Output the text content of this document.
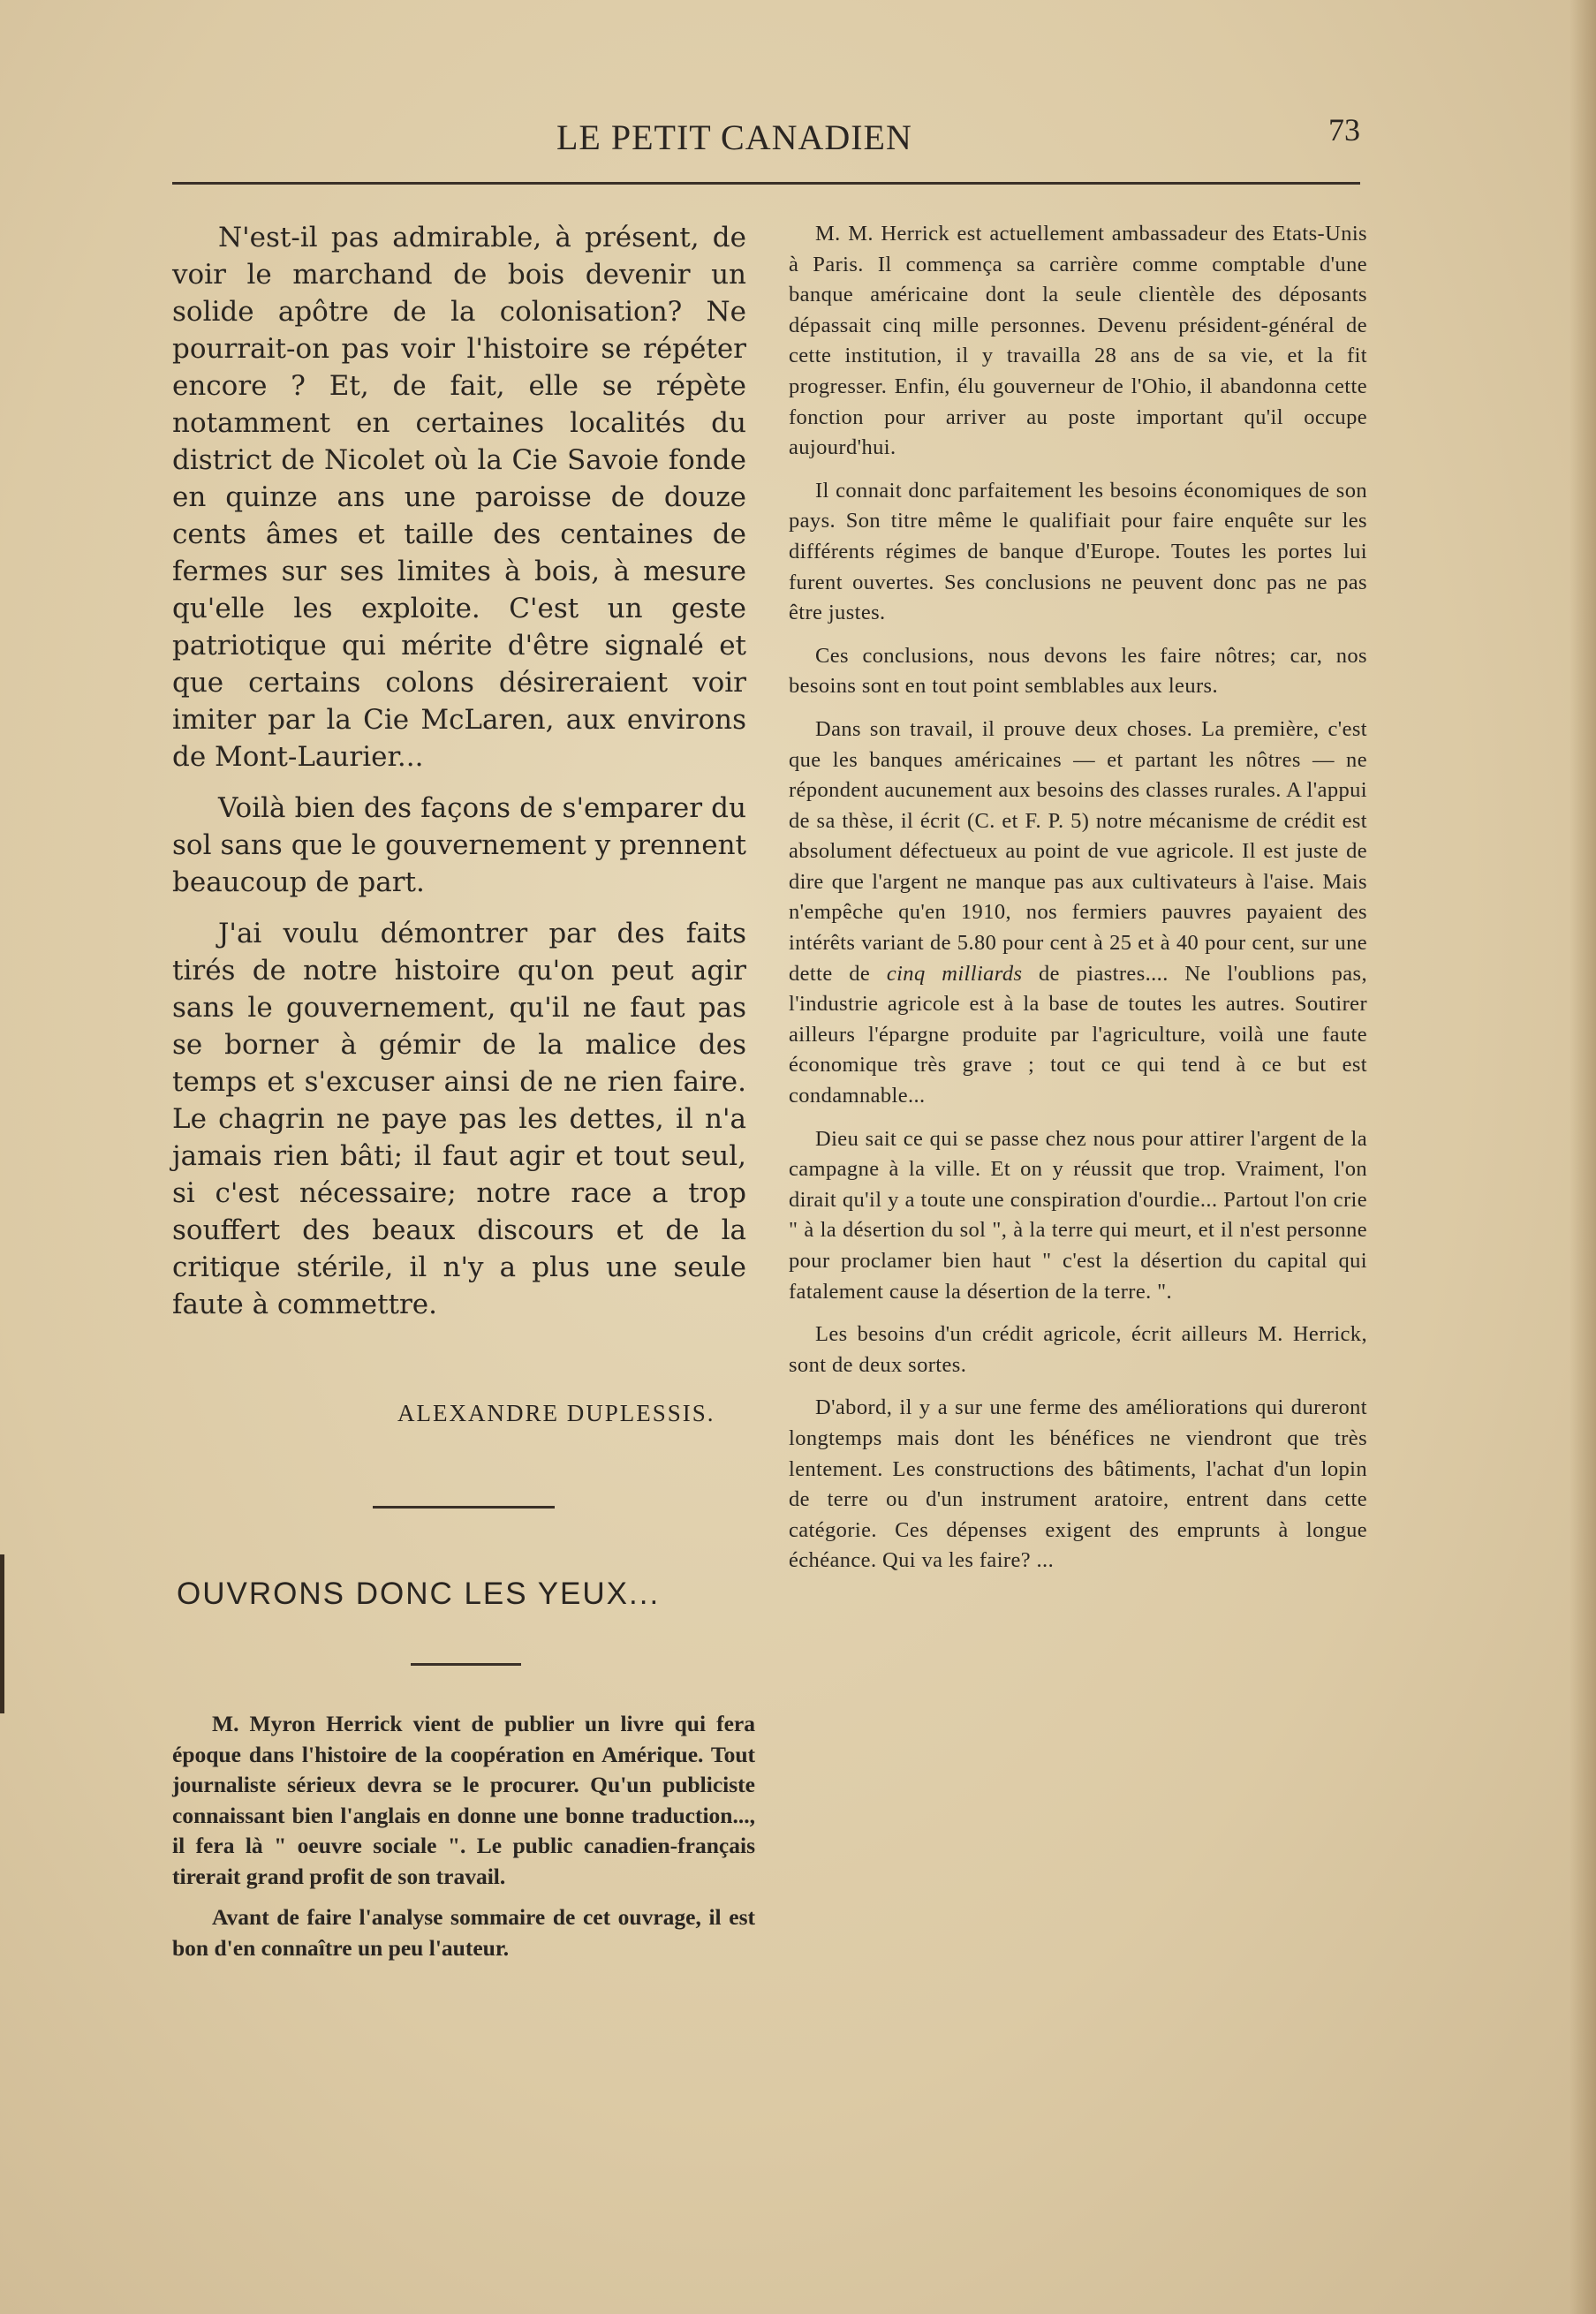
LE PETIT CANADIEN	73

N'est-il pas admirable, à présent, de voir le marchand de bois devenir un solide apôtre de la colonisation? Ne pourrait-on pas voir l'histoire se répéter encore ? Et, de fait, elle se répète notamment en certaines localités du district de Nicolet où la Cie Savoie fonde en quinze ans une paroisse de douze cents âmes et taille des centaines de fermes sur ses limites à bois, à mesure qu'elle les exploite. C'est un geste patriotique qui mérite d'être signalé et que certains colons désireraient voir imiter par la Cie McLaren, aux environs de Mont-Laurier...

Voilà bien des façons de s'emparer du sol sans que le gouvernement y prennent beaucoup de part.

J'ai voulu démontrer par des faits tirés de notre histoire qu'on peut agir sans le gouvernement, qu'il ne faut pas se borner à gémir de la malice des temps et s'excuser ainsi de ne rien faire. Le chagrin ne paye pas les dettes, il n'a jamais rien bâti; il faut agir et tout seul, si c'est nécessaire; notre race a trop souffert des beaux discours et de la critique stérile, il n'y a plus une seule faute à commettre.

ALEXANDRE DUPLESSIS.
OUVRONS DONC LES YEUX...

M. Myron Herrick vient de publier un livre qui fera époque dans l'histoire de la coopération en Amérique. Tout journaliste sérieux devra se le procurer. Qu'un publiciste connaissant bien l'anglais en donne une bonne traduction..., il fera là " oeuvre sociale ". Le public canadien-français tirerait grand profit de son travail.

Avant de faire l'analyse sommaire de cet ouvrage, il est bon d'en connaître un peu l'auteur.

M. M. Herrick est actuellement ambassadeur des Etats-Unis à Paris. Il commença sa carrière comme comptable d'une banque américaine dont la seule clientèle des déposants dépassait cinq mille personnes. Devenu président-général de cette institution, il y travailla 28 ans de sa vie, et la fit progresser. Enfin, élu gouverneur de l'Ohio, il abandonna cette fonction pour arriver au poste important qu'il occupe aujourd'hui.

Il connait donc parfaitement les besoins économiques de son pays. Son titre même le qualifiait pour faire enquête sur les différents régimes de banque d'Europe. Toutes les portes lui furent ouvertes. Ses conclusions ne peuvent donc pas ne pas être justes.

Ces conclusions, nous devons les faire nôtres; car, nos besoins sont en tout point semblables aux leurs.

Dans son travail, il prouve deux choses. La première, c'est que les banques américaines — et partant les nôtres — ne répondent aucunement aux besoins des classes rurales. A l'appui de sa thèse, il écrit (C. et F. P. 5) notre mécanisme de crédit est absolument défectueux au point de vue agricole. Il est juste de dire que l'argent ne manque pas aux cultivateurs à l'aise. Mais n'empêche qu'en 1910, nos fermiers pauvres payaient des intérêts variant de 5.80 pour cent à 25 et à 40 pour cent, sur une dette de cinq milliards de piastres.... Ne l'oublions pas, l'industrie agricole est à la base de toutes les autres. Soutirer ailleurs l'épargne produite par l'agriculture, voilà une faute économique très grave ; tout ce qui tend à ce but est condamnable...

Dieu sait ce qui se passe chez nous pour attirer l'argent de la campagne à la ville. Et on y réussit que trop. Vraiment, l'on dirait qu'il y a toute une conspiration d'ourdie... Partout l'on crie " à la désertion du sol ", à la terre qui meurt, et il n'est personne pour proclamer bien haut " c'est la désertion du capital qui fatalement cause la désertion de la terre. ".

Les besoins d'un crédit agricole, écrit ailleurs M. Herrick, sont de deux sortes.

D'abord, il y a sur une ferme des améliorations qui dureront longtemps mais dont les bénéfices ne viendront que très lentement. Les constructions des bâtiments, l'achat d'un lopin de terre ou d'un instrument aratoire, entrent dans cette catégorie. Ces dépenses exigent des emprunts à longue échéance. Qui va les faire? ...
